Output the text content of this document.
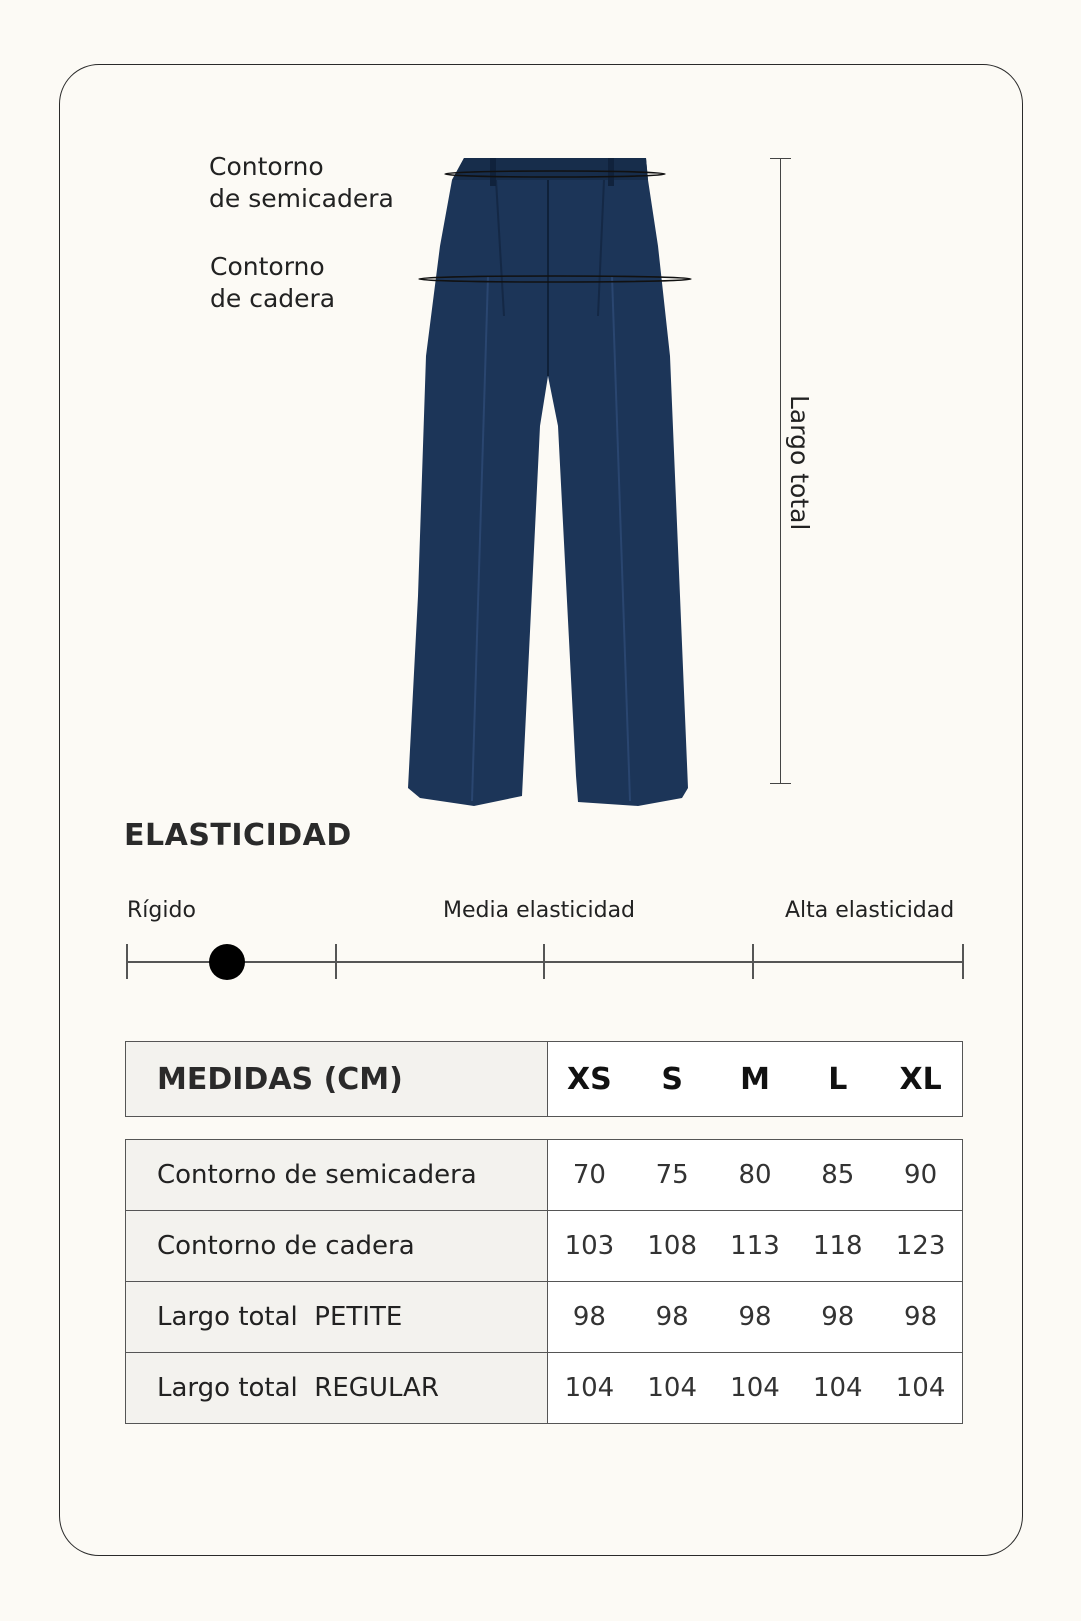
Contorno
de semicadera
Contorno
de cadera
Largo total
ELASTICIDAD
Rígido	Media elasticidad	Alta elasticidad
MEDIDAS (CM)	XS	S	M	L	XL
Contorno de semicadera	70 75 80 85 90

Contorno de cadera	103 108 113 118 123

Largo total  PETITE	98 98 98 98 98

Largo total  REGULAR	104 104 104 104 104
